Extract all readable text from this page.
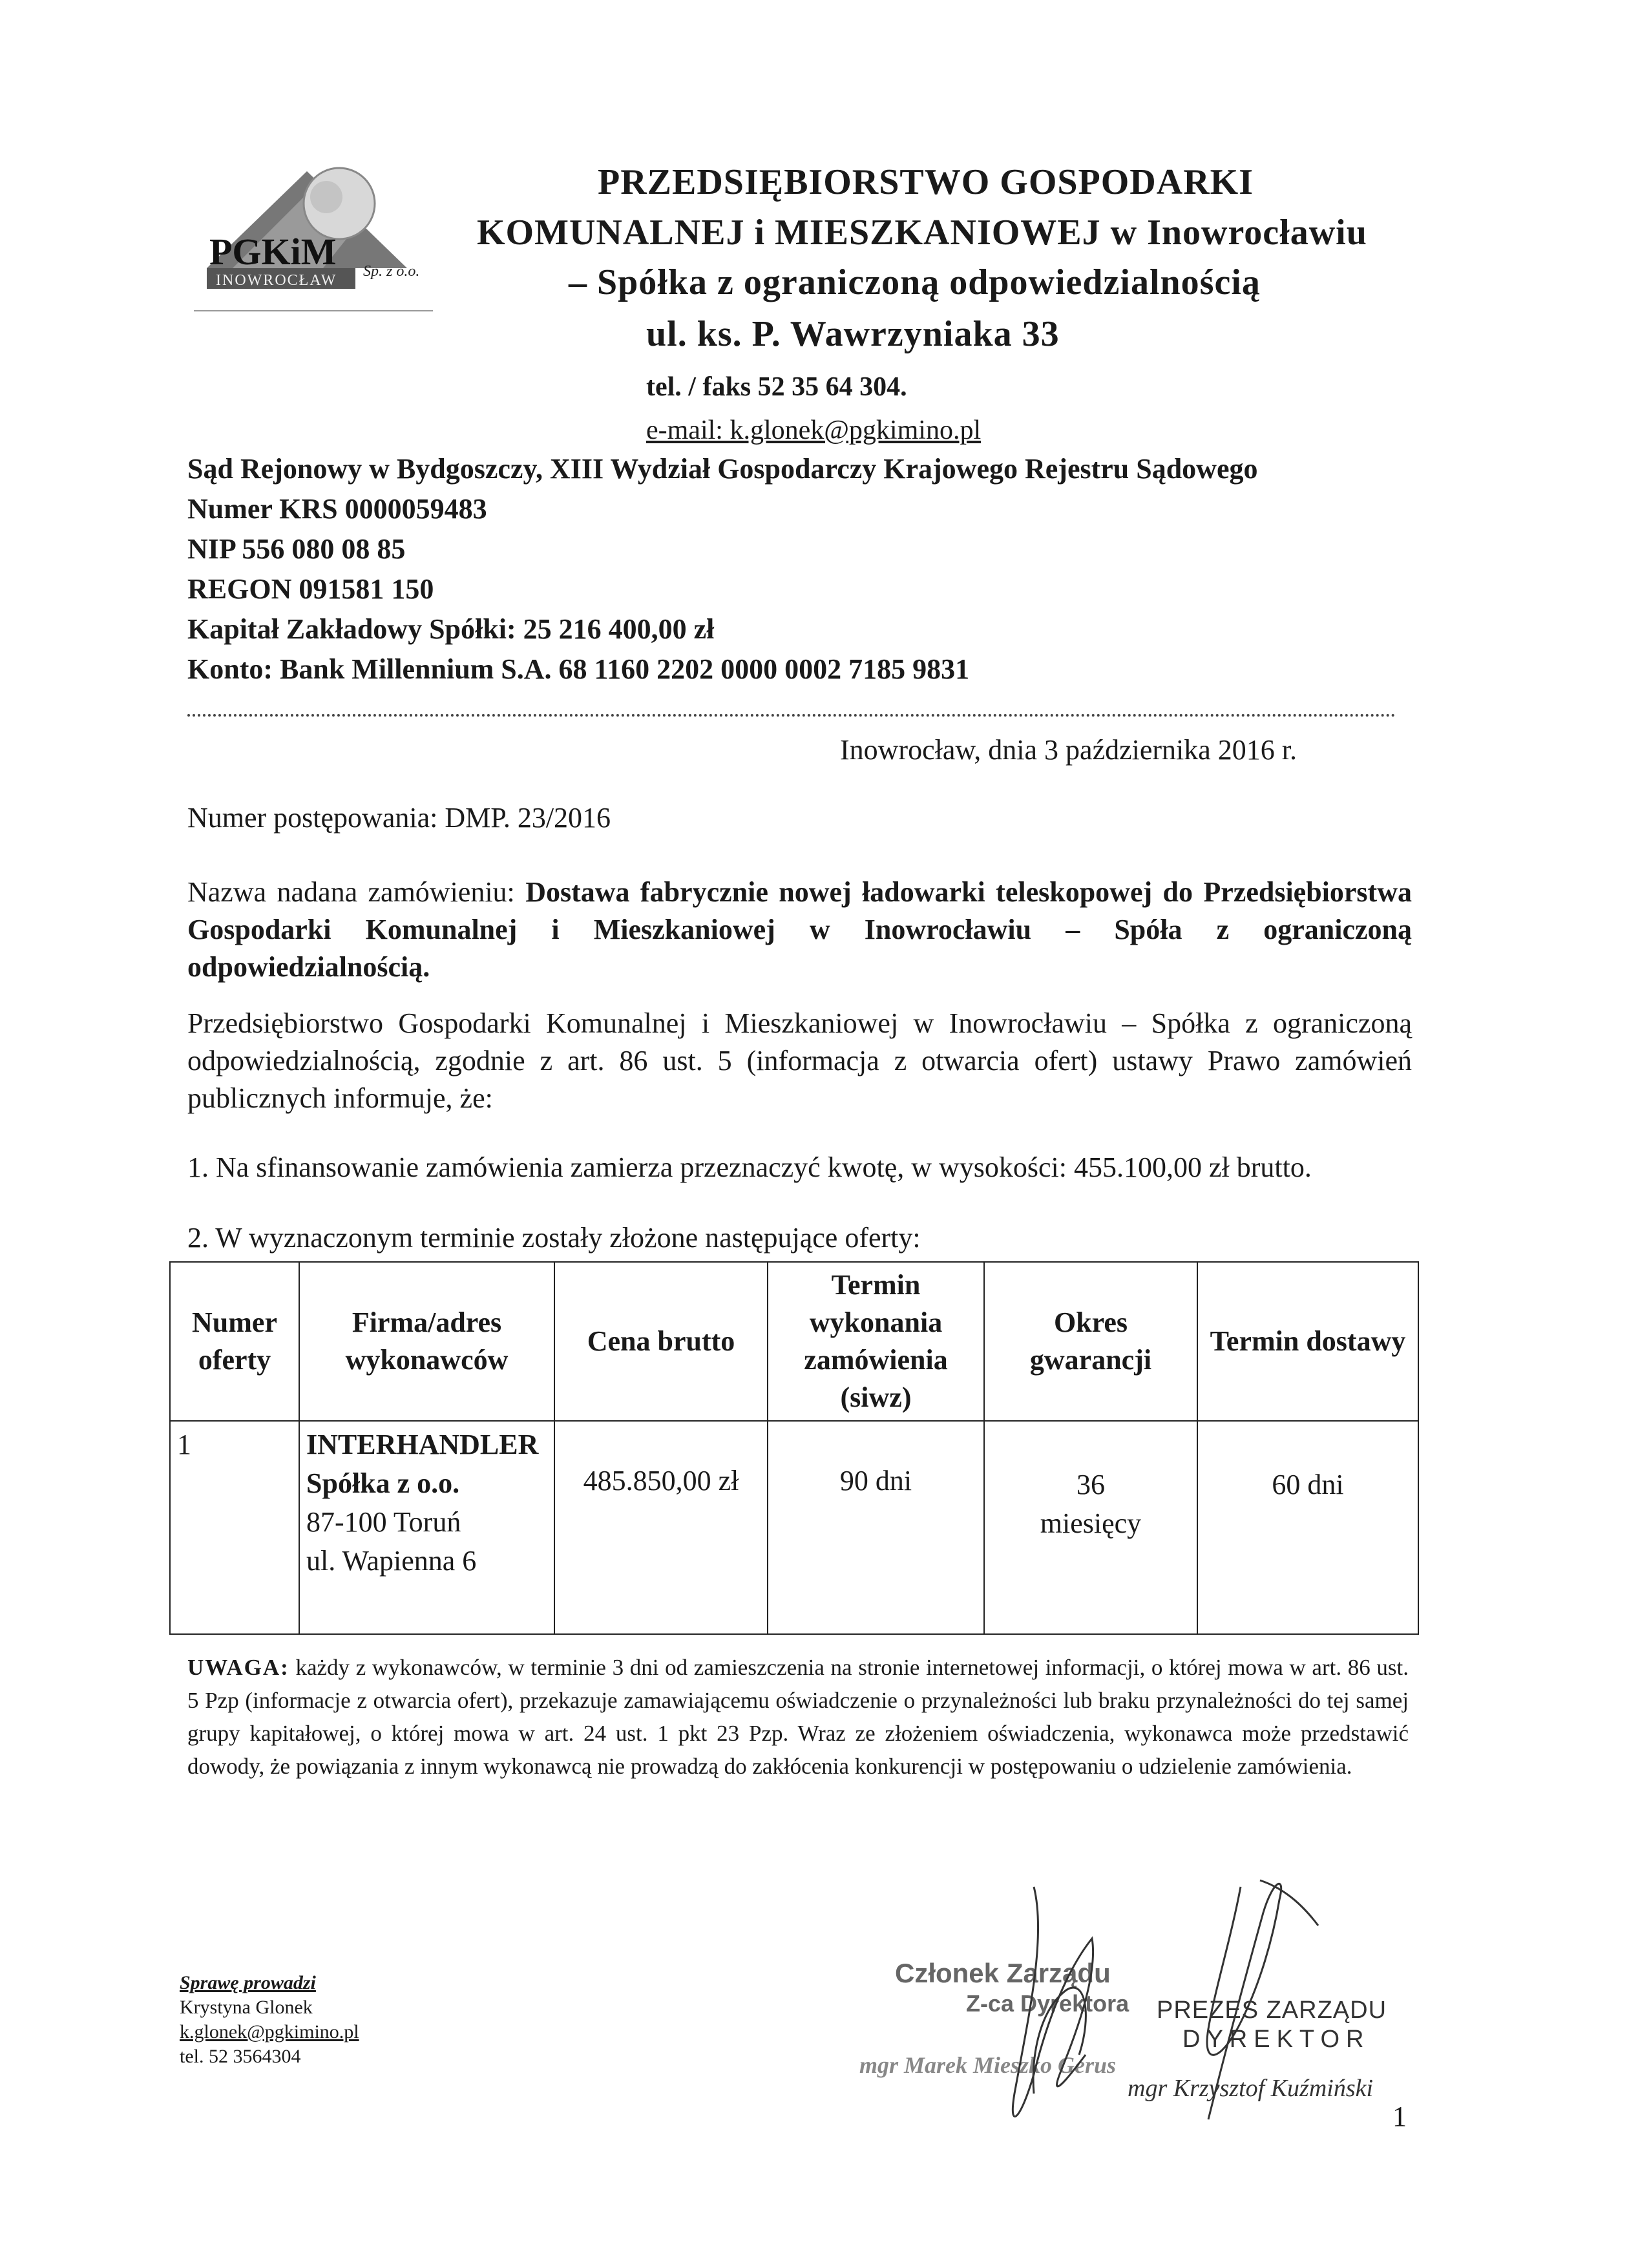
PGKiM
INOWROCŁAW
Sp. z o.o.
PRZEDSIĘBIORSTWO GOSPODARKI
KOMUNALNEJ i MIESZKANIOWEJ w Inowrocławiu
– Spółka z ograniczoną odpowiedzialnością
ul. ks. P. Wawrzyniaka 33
tel. / faks 52 35 64 304.
e-mail: k.glonek@pgkimino.pl
Sąd Rejonowy w Bydgoszczy, XIII Wydział Gospodarczy Krajowego Rejestru Sądowego
Numer KRS 0000059483
NIP 556 080 08 85
REGON 091581 150
Kapitał Zakładowy Spółki: 25 216 400,00 zł
Konto: Bank Millennium S.A. 68 1160 2202 0000 0002 7185 9831
Inowrocław, dnia 3 października 2016 r.
Numer postępowania: DMP. 23/2016
Nazwa nadana zamówieniu: Dostawa fabrycznie nowej ładowarki teleskopowej do Przedsiębiorstwa Gospodarki Komunalnej i Mieszkaniowej w Inowrocławiu – Spóła z ograniczoną odpowiedzialnością.
Przedsiębiorstwo Gospodarki Komunalnej i Mieszkaniowej w Inowrocławiu – Spółka z ograniczoną odpowiedzialnością, zgodnie z art. 86 ust. 5 (informacja z otwarcia ofert) ustawy Prawo zamówień publicznych informuje, że:
1. Na sfinansowanie zamówienia zamierza przeznaczyć kwotę, w wysokości: 455.100,00 zł brutto.
2. W wyznaczonym terminie zostały złożone następujące oferty:
Numer oferty	Firma/adres wykonawców	Cena brutto	Termin wykonania zamówienia (siwz)	Okres gwarancji	Termin dostawy
1	INTERHANDLER
Spółka z o.o.
87-100 Toruń
ul. Wapienna 6	485.850,00 zł	90 dni	36 miesięcy	60 dni
UWAGA: każdy z wykonawców, w terminie 3 dni od zamieszczenia na stronie internetowej informacji, o której mowa w art. 86 ust. 5 Pzp (informacje z otwarcia ofert), przekazuje zamawiającemu oświadczenie o przynależności lub braku przynależności do tej samej grupy kapitałowej, o której mowa w art. 24 ust. 1 pkt 23 Pzp. Wraz ze złożeniem oświadczenia, wykonawca może przedstawić dowody, że powiązania z innym wykonawcą nie prowadzą do zakłócenia konkurencji w postępowaniu o udzielenie zamówienia.
Sprawę prowadzi
Krystyna Glonek
k.glonek@pgkimino.pl
tel. 52 3564304
Członek Zarządu
Z-ca Dyrektora
mgr Marek Mieszko Gerus
PREZES ZARZĄDU
DYREKTOR
mgr Krzysztof Kuźmiński
1
